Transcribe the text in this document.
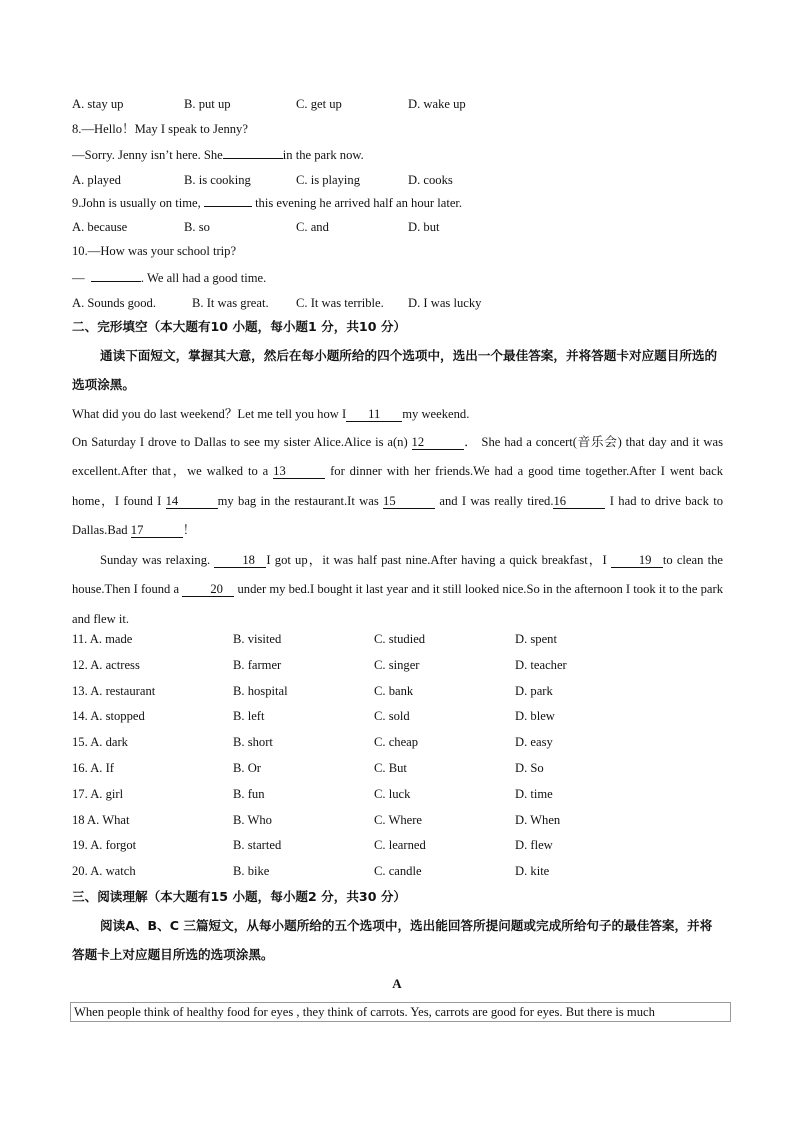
A. stay up	B. put up	C. get up	D. wake up
8.—Hello！May I speak to Jenny?
—Sorry. Jenny isn’t here. She	in the park now.
A. played	B. is cooking	C. is playing	D. cooks
9.John is usually on time,	this evening he arrived half an hour later.
A. because	B. so	C. and	D. but
10.—How was your school trip?
—	. We all had a good time.
A. Sounds good.	B. It was great. C. It was terrible. D. I was lucky
二、完形填空（本大题有10 小题，每小题1 分，共10 分）
通读下面短文，掌握其大意，然后在每小题所给的四个选项中，选出一个最佳答案，并将答题卡对应题目所选的选项涂黑。
What did you do last weekend？Let me tell you how I 11 my weekend.
On Saturday I drove to Dallas to see my sister Alice.Alice is a(n) 12	． She had a concert(音乐会) that day and it was excellent.After that，we walked to a 13	for dinner with her friends.We had a good time together.After I went back home，I found I 14	my bag in the restaurant.It was 15	and I was really tired.16	I had to drive back to Dallas.Bad 17	！
Sunday was relaxing. 18 I got up，it was half past nine.After having a quick breakfast，I 19 to clean the house.Then I found a 20 under my bed.I bought it last year and it still looked nice.So in the afternoon I took it to the park and flew it.
11. A. made	B. visited	C. studied	D. spent
12. A. actress	B. farmer	C. singer	D. teacher
13. A. restaurant	B. hospital	C. bank	D. park
14. A. stopped	B. left	C. sold	D. blew
15. A. dark	B. short	C. cheap	D. easy
16. A. If	B. Or	C. But	D. So
17. A. girl	B. fun	C. luck	D. time
18 A. What	B. Who	C. Where	D. When
19. A. forgot	B. started	C. learned	D. flew
20. A. watch	B. bike	C. candle	D. kite
三、阅读理解（本大题有15 小题，每小题2 分，共30 分）
阅读A、B、C 三篇短文，从每小题所给的五个选项中，选出能回答所提问题或完成所给句子的最佳答案，并将答题卡上对应题目所选的选项涂黑。
A
When people think of healthy food for eyes , they think of carrots. Yes, carrots are good for eyes. But there is much
